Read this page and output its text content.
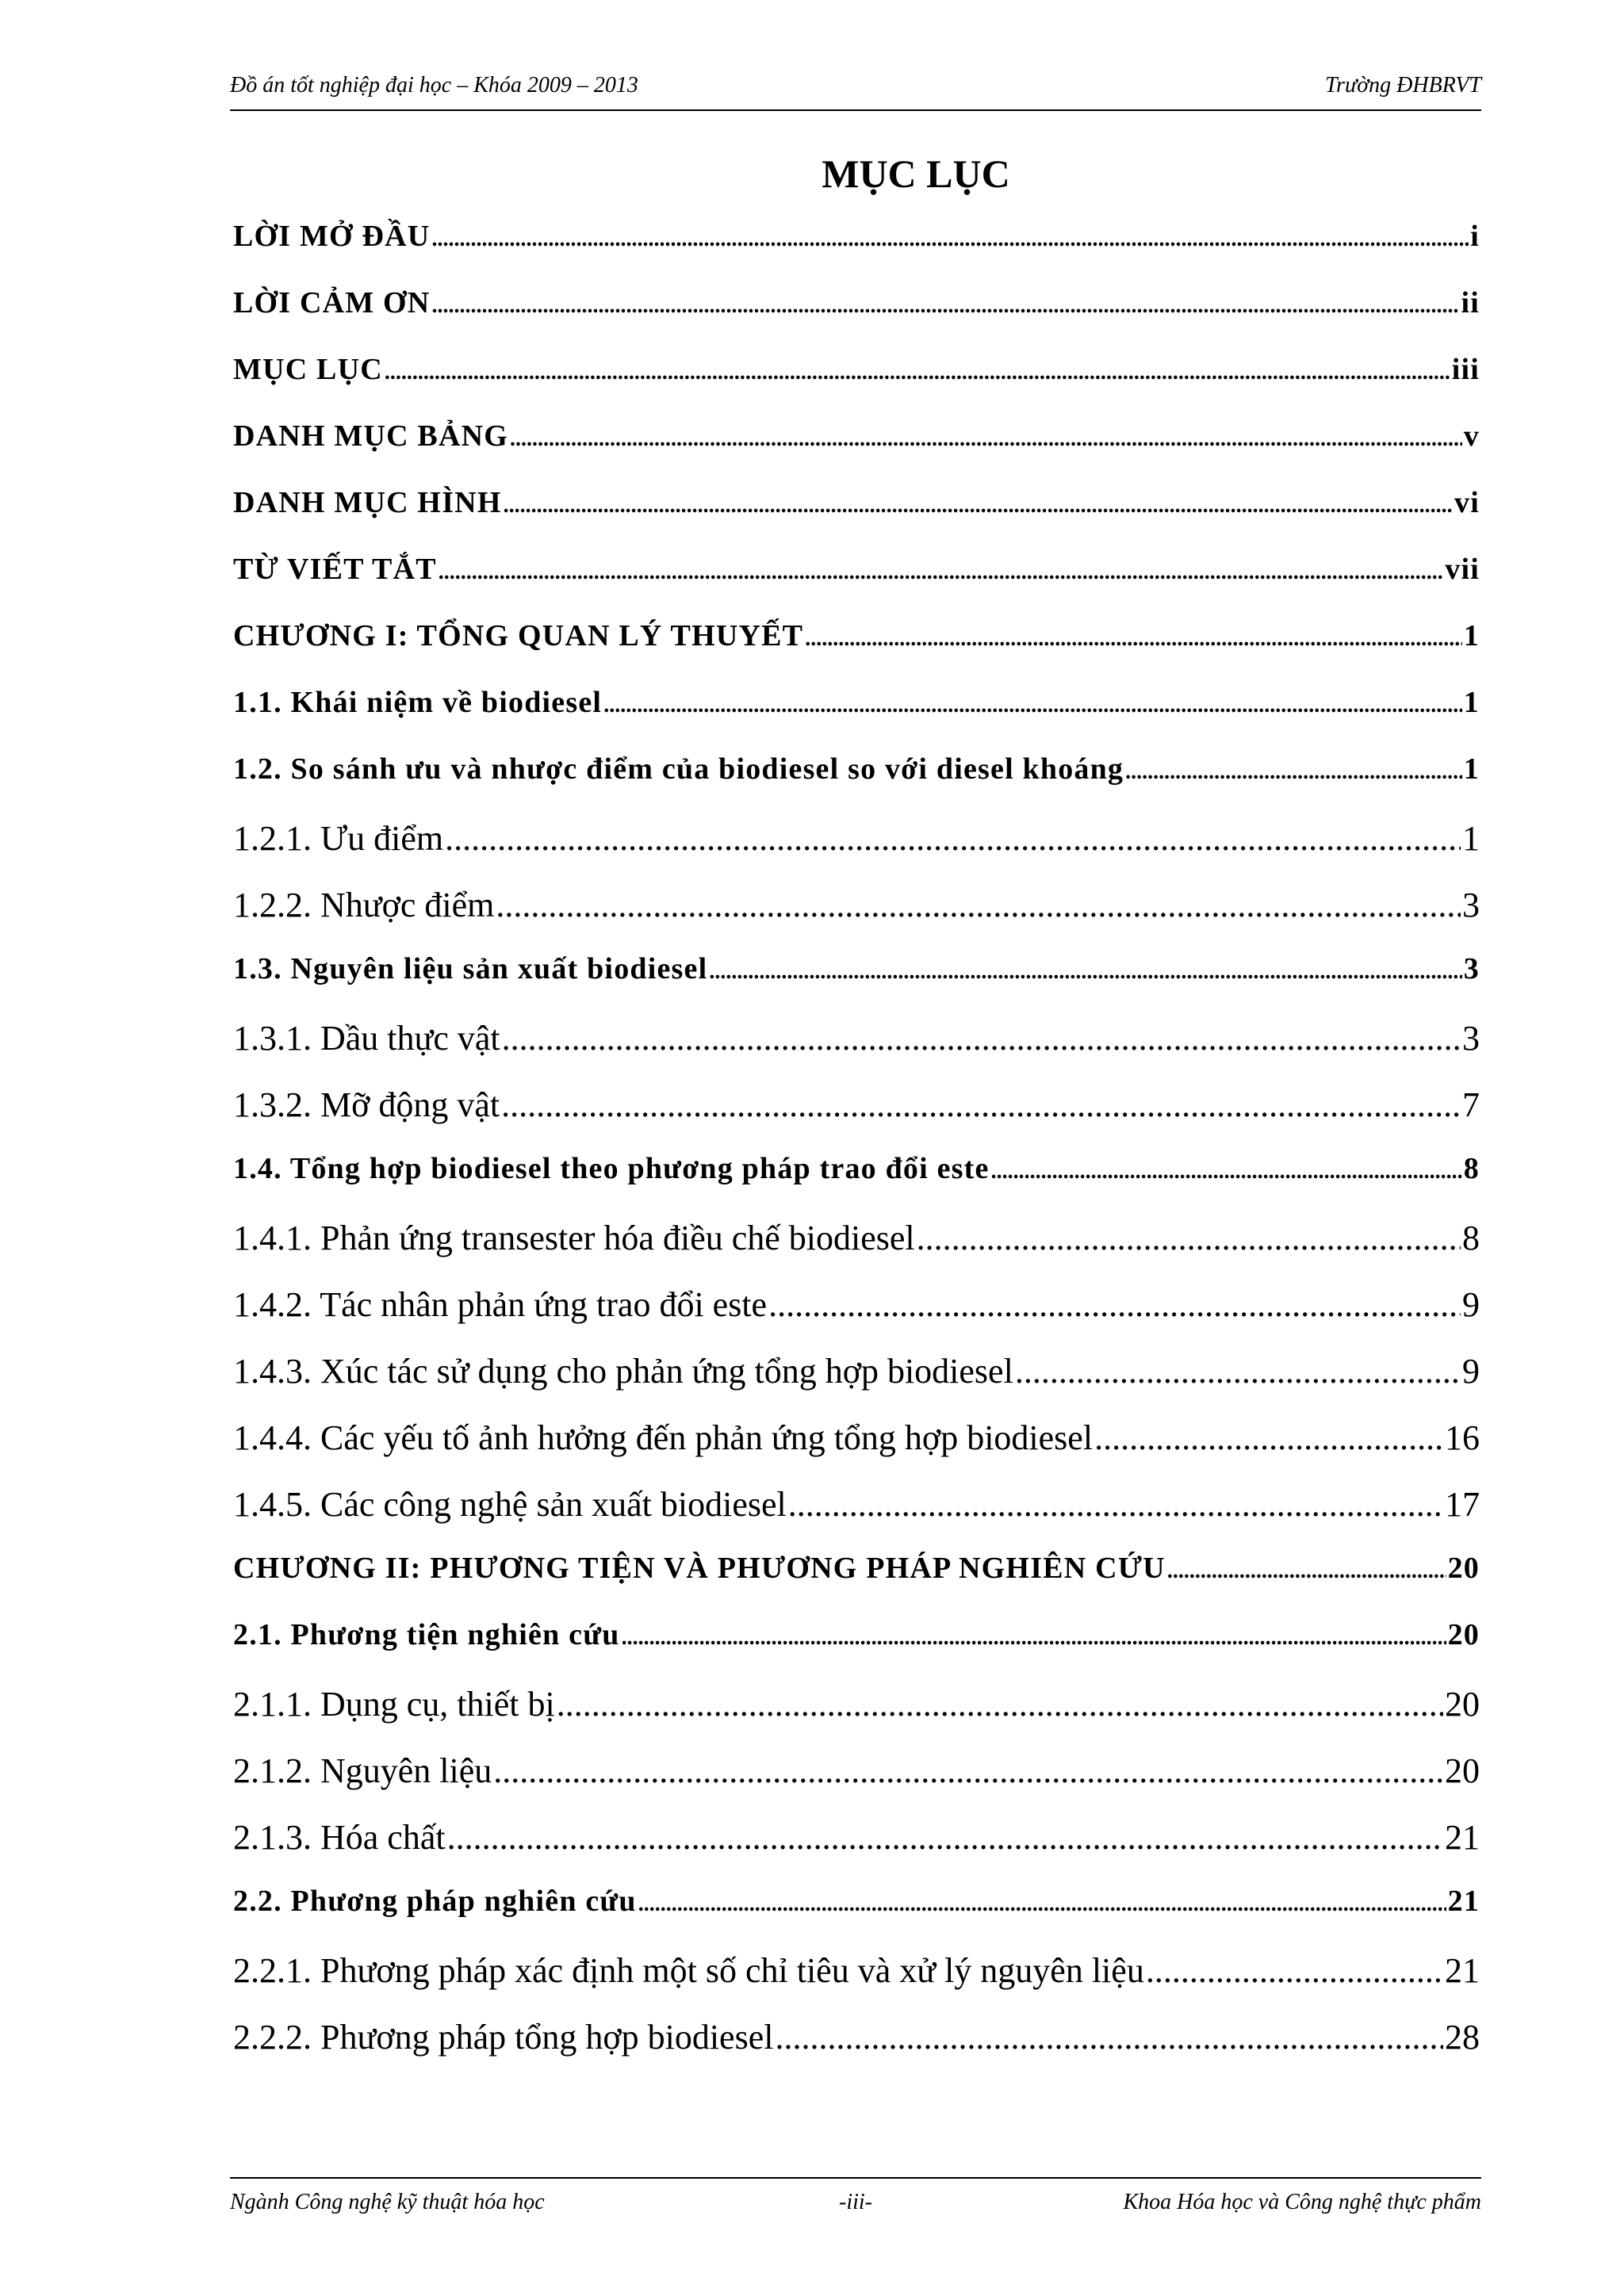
Đồ án tốt nghiệp đại học – Khóa 2009 – 2013	Trường ĐHBRVT
MỤC LỤC
LỜI MỞ ĐẦU .....	i
LỜI CẢM ƠN .....	ii
MỤC LỤC .....	iii
DANH MỤC BẢNG .....	v
DANH MỤC HÌNH .....	vi
TỪ VIẾT TẮT .....	vii
CHƯƠNG I: TỔNG QUAN LÝ THUYẾT .....	1
1.1. Khái niệm về biodiesel .....	1
1.2. So sánh ưu và nhược điểm của biodiesel so với diesel khoáng .....	1
1.2.1. Ưu điểm .....	1
1.2.2. Nhược điểm .....	3
1.3. Nguyên liệu sản xuất biodiesel .....	3
1.3.1. Dầu thực vật .....	3
1.3.2. Mỡ động vật .....	7
1.4. Tổng hợp biodiesel theo phương pháp trao đổi este .....	8
1.4.1. Phản ứng transester hóa điều chế biodiesel .....	8
1.4.2. Tác nhân phản ứng trao đổi este .....	9
1.4.3. Xúc tác sử dụng cho phản ứng tổng hợp biodiesel .....	9
1.4.4. Các yếu tố ảnh hưởng đến phản ứng tổng hợp biodiesel .....	16
1.4.5. Các công nghệ sản xuất biodiesel .....	17
CHƯƠNG II: PHƯƠNG TIỆN VÀ PHƯƠNG PHÁP NGHIÊN CỨU .....	20
2.1. Phương tiện nghiên cứu .....	20
2.1.1. Dụng cụ, thiết bị .....	20
2.1.2. Nguyên liệu .....	20
2.1.3. Hóa chất .....	21
2.2. Phương pháp nghiên cứu .....	21
2.2.1. Phương pháp xác định một số chỉ tiêu và xử lý nguyên liệu .....	21
2.2.2. Phương pháp tổng hợp biodiesel .....	28
Ngành Công nghệ kỹ thuật hóa học	-iii-	Khoa Hóa học và Công nghệ thực phẩm
